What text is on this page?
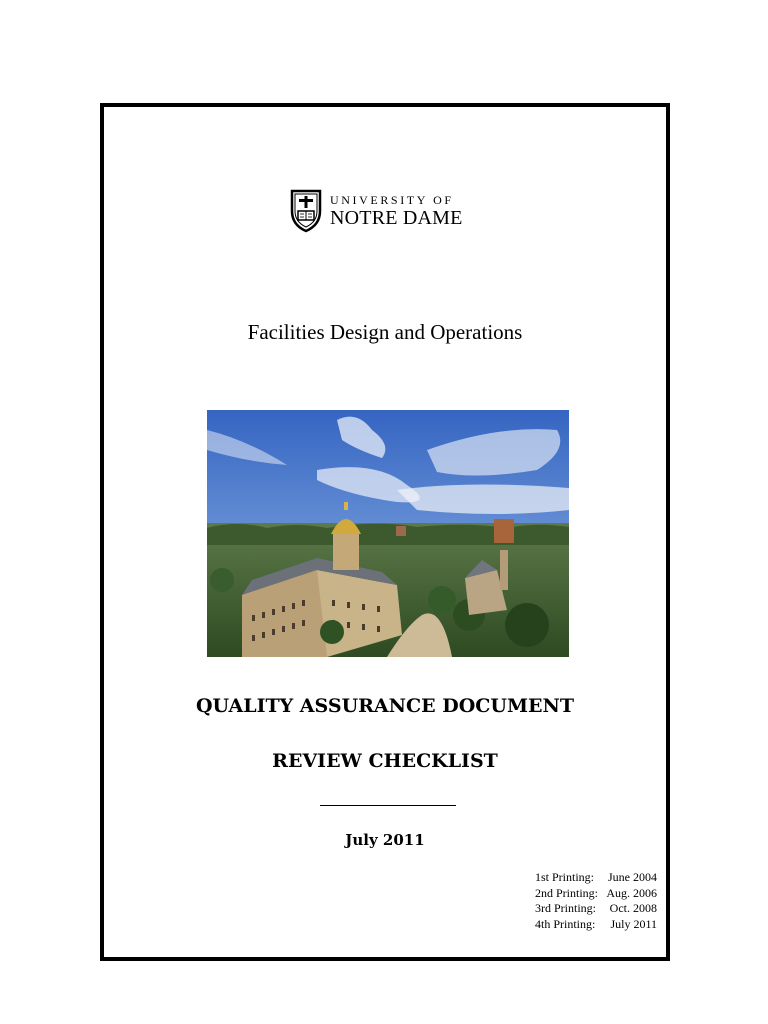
UNIVERSITY OF
NOTRE DAME
Facilities Design and Operations
QUALITY ASSURANCE DOCUMENT
REVIEW CHECKLIST
July 2011
1st Printing:	June 2004
2nd Printing: Aug. 2006
3rd Printing:	Oct. 2008
4th Printing:	July 2011
